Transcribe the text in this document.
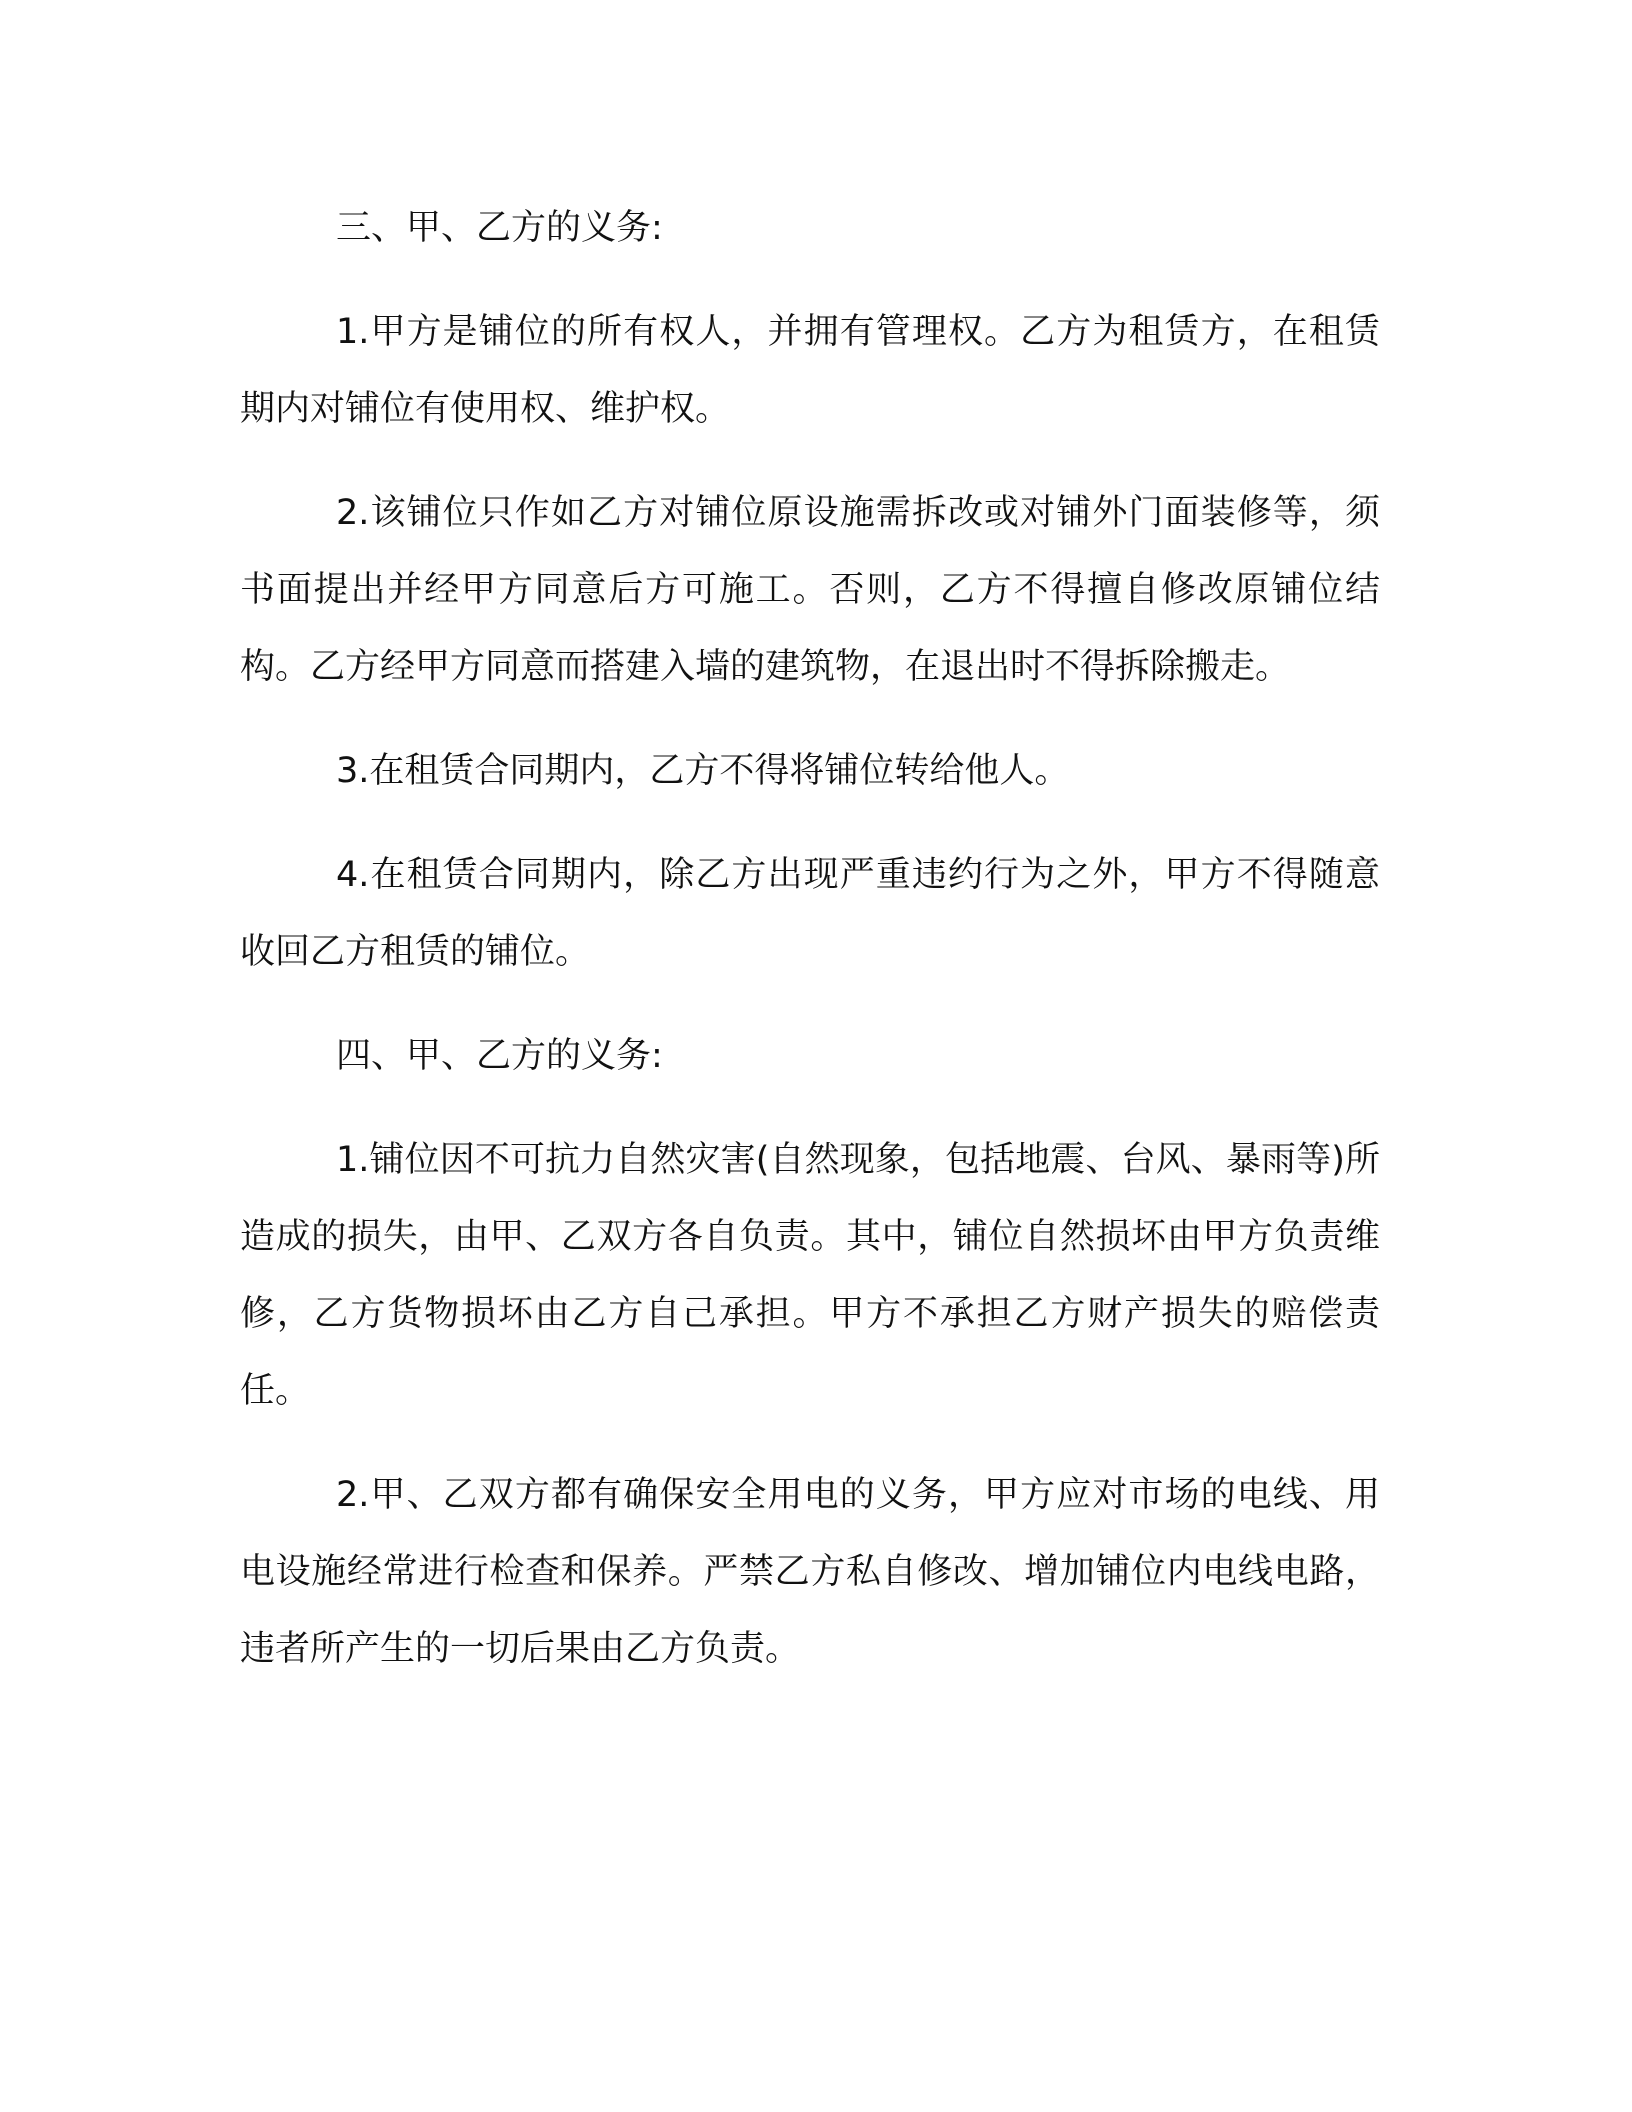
三、甲、乙方的义务:

1.甲方是铺位的所有权人，并拥有管理权。乙方为租赁方，在租赁期内对铺位有使用权、维护权。

2.该铺位只作如乙方对铺位原设施需拆改或对铺外门面装修等，须书面提出并经甲方同意后方可施工。否则，乙方不得擅自修改原铺位结构。乙方经甲方同意而搭建入墙的建筑物，在退出时不得拆除搬走。

3.在租赁合同期内，乙方不得将铺位转给他人。

4.在租赁合同期内，除乙方出现严重违约行为之外，甲方不得随意收回乙方租赁的铺位。

四、甲、乙方的义务:

1.铺位因不可抗力自然灾害(自然现象，包括地震、台风、暴雨等)所造成的损失，由甲、乙双方各自负责。其中，铺位自然损坏由甲方负责维修，乙方货物损坏由乙方自己承担。甲方不承担乙方财产损失的赔偿责任。

2.甲、乙双方都有确保安全用电的义务，甲方应对市场的电线、用电设施经常进行检查和保养。严禁乙方私自修改、增加铺位内电线电路，违者所产生的一切后果由乙方负责。
